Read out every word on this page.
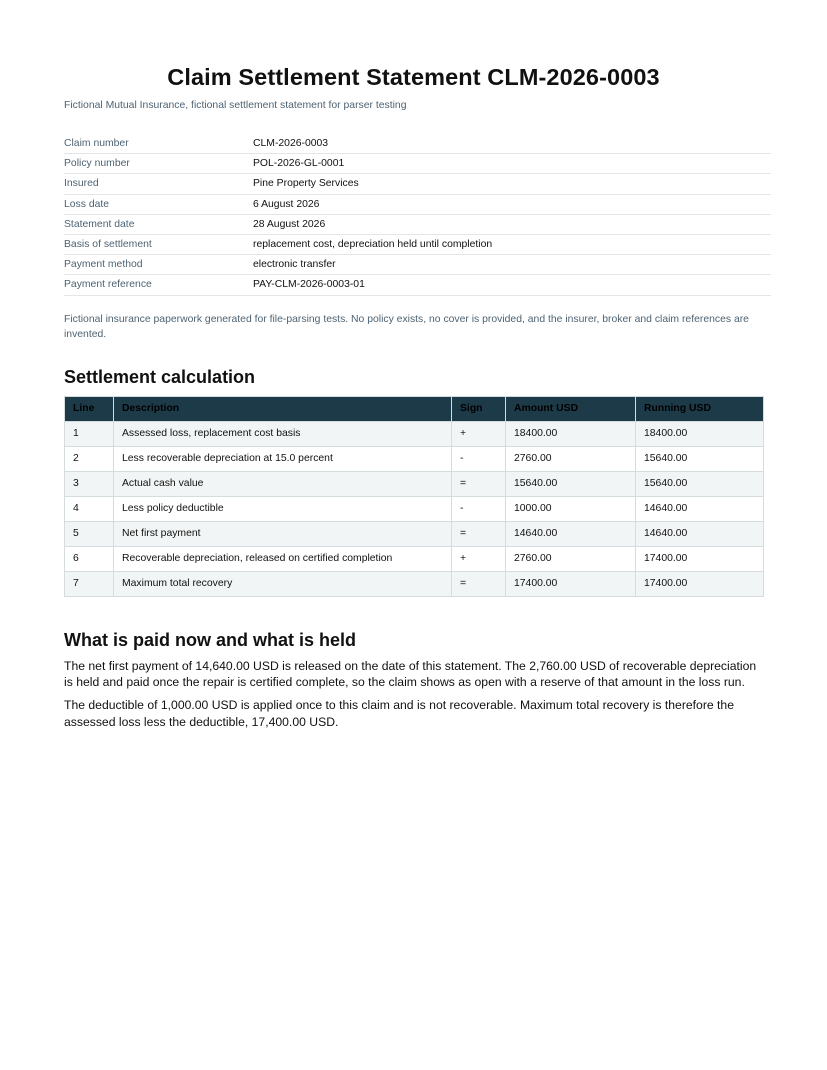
Claim Settlement Statement CLM-2026-0003
Fictional Mutual Insurance, fictional settlement statement for parser testing
Claim number	CLM-2026-0003
Policy number	POL-2026-GL-0001
Insured	Pine Property Services
Loss date	6 August 2026
Statement date	28 August 2026
Basis of settlement	replacement cost, depreciation held until completion
Payment method	electronic transfer
Payment reference	PAY-CLM-2026-0003-01
Fictional insurance paperwork generated for file-parsing tests. No policy exists, no cover is provided, and the insurer, broker and claim references are invented.
Settlement calculation
Line	Description	Sign	Amount USD	Running USD
1	Assessed loss, replacement cost basis	+	18400.00	18400.00
2	Less recoverable depreciation at 15.0 percent	-	2760.00	15640.00
3	Actual cash value	=	15640.00	15640.00
4	Less policy deductible	-	1000.00	14640.00
5	Net first payment	=	14640.00	14640.00
6	Recoverable depreciation, released on certified completion	+	2760.00	17400.00
7	Maximum total recovery	=	17400.00	17400.00
What is paid now and what is held

The net first payment of 14,640.00 USD is released on the date of this statement. The 2,760.00 USD of recoverable depreciation is held and paid once the repair is certified complete, so the claim shows as open with a reserve of that amount in the loss run.

The deductible of 1,000.00 USD is applied once to this claim and is not recoverable. Maximum total recovery is therefore the assessed loss less the deductible, 17,400.00 USD.
